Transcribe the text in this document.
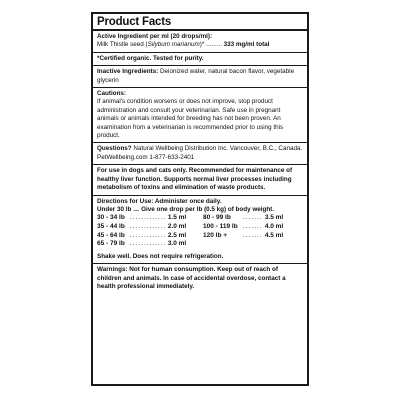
Product Facts
Active Ingredient per ml (20 drops/ml):
Milk Thistle seed (Silybum marianum)* ......... 333 mg/ml total
*Certified organic. Tested for purity.
Inactive Ingredients: Deionized water, natural bacon flavor, vegetable glycerin
Cautions:
If animal's condition worsens or does not improve, stop product administration and consult your veterinarian. Safe use in pregnant animals or animals intended for breeding has not been proven. An examination from a veterinarian is recommended prior to using this product.
Questions? Natural Wellbeing Distribution Inc. Vancouver, B.C., Canada.
PetWellbeing.com 1-877-633-2401
For use in dogs and cats only. Recommended for maintenance of healthy liver function. Supports normal liver processes including metabolism of toxins and elimination of waste products.
Directions for Use: Administer once daily.
Under 30 lb … Give one drop per lb (0.5 kg) of body weight.
30 - 34 lb .....	1.5 ml
35 - 44 lb .....	2.0 ml
45 - 64 lb .....	2.5 ml
65 - 79 lb .....	3.0 ml
80 - 99 lb .....	3.5 ml
100 - 119 lb .....	4.0 ml
120 lb + .....	4.5 ml
Shake well. Does not require refrigeration.
Warnings: Not for human consumption. Keep out of reach of children and animals. In case of accidental overdose, contact a health professional immediately.
